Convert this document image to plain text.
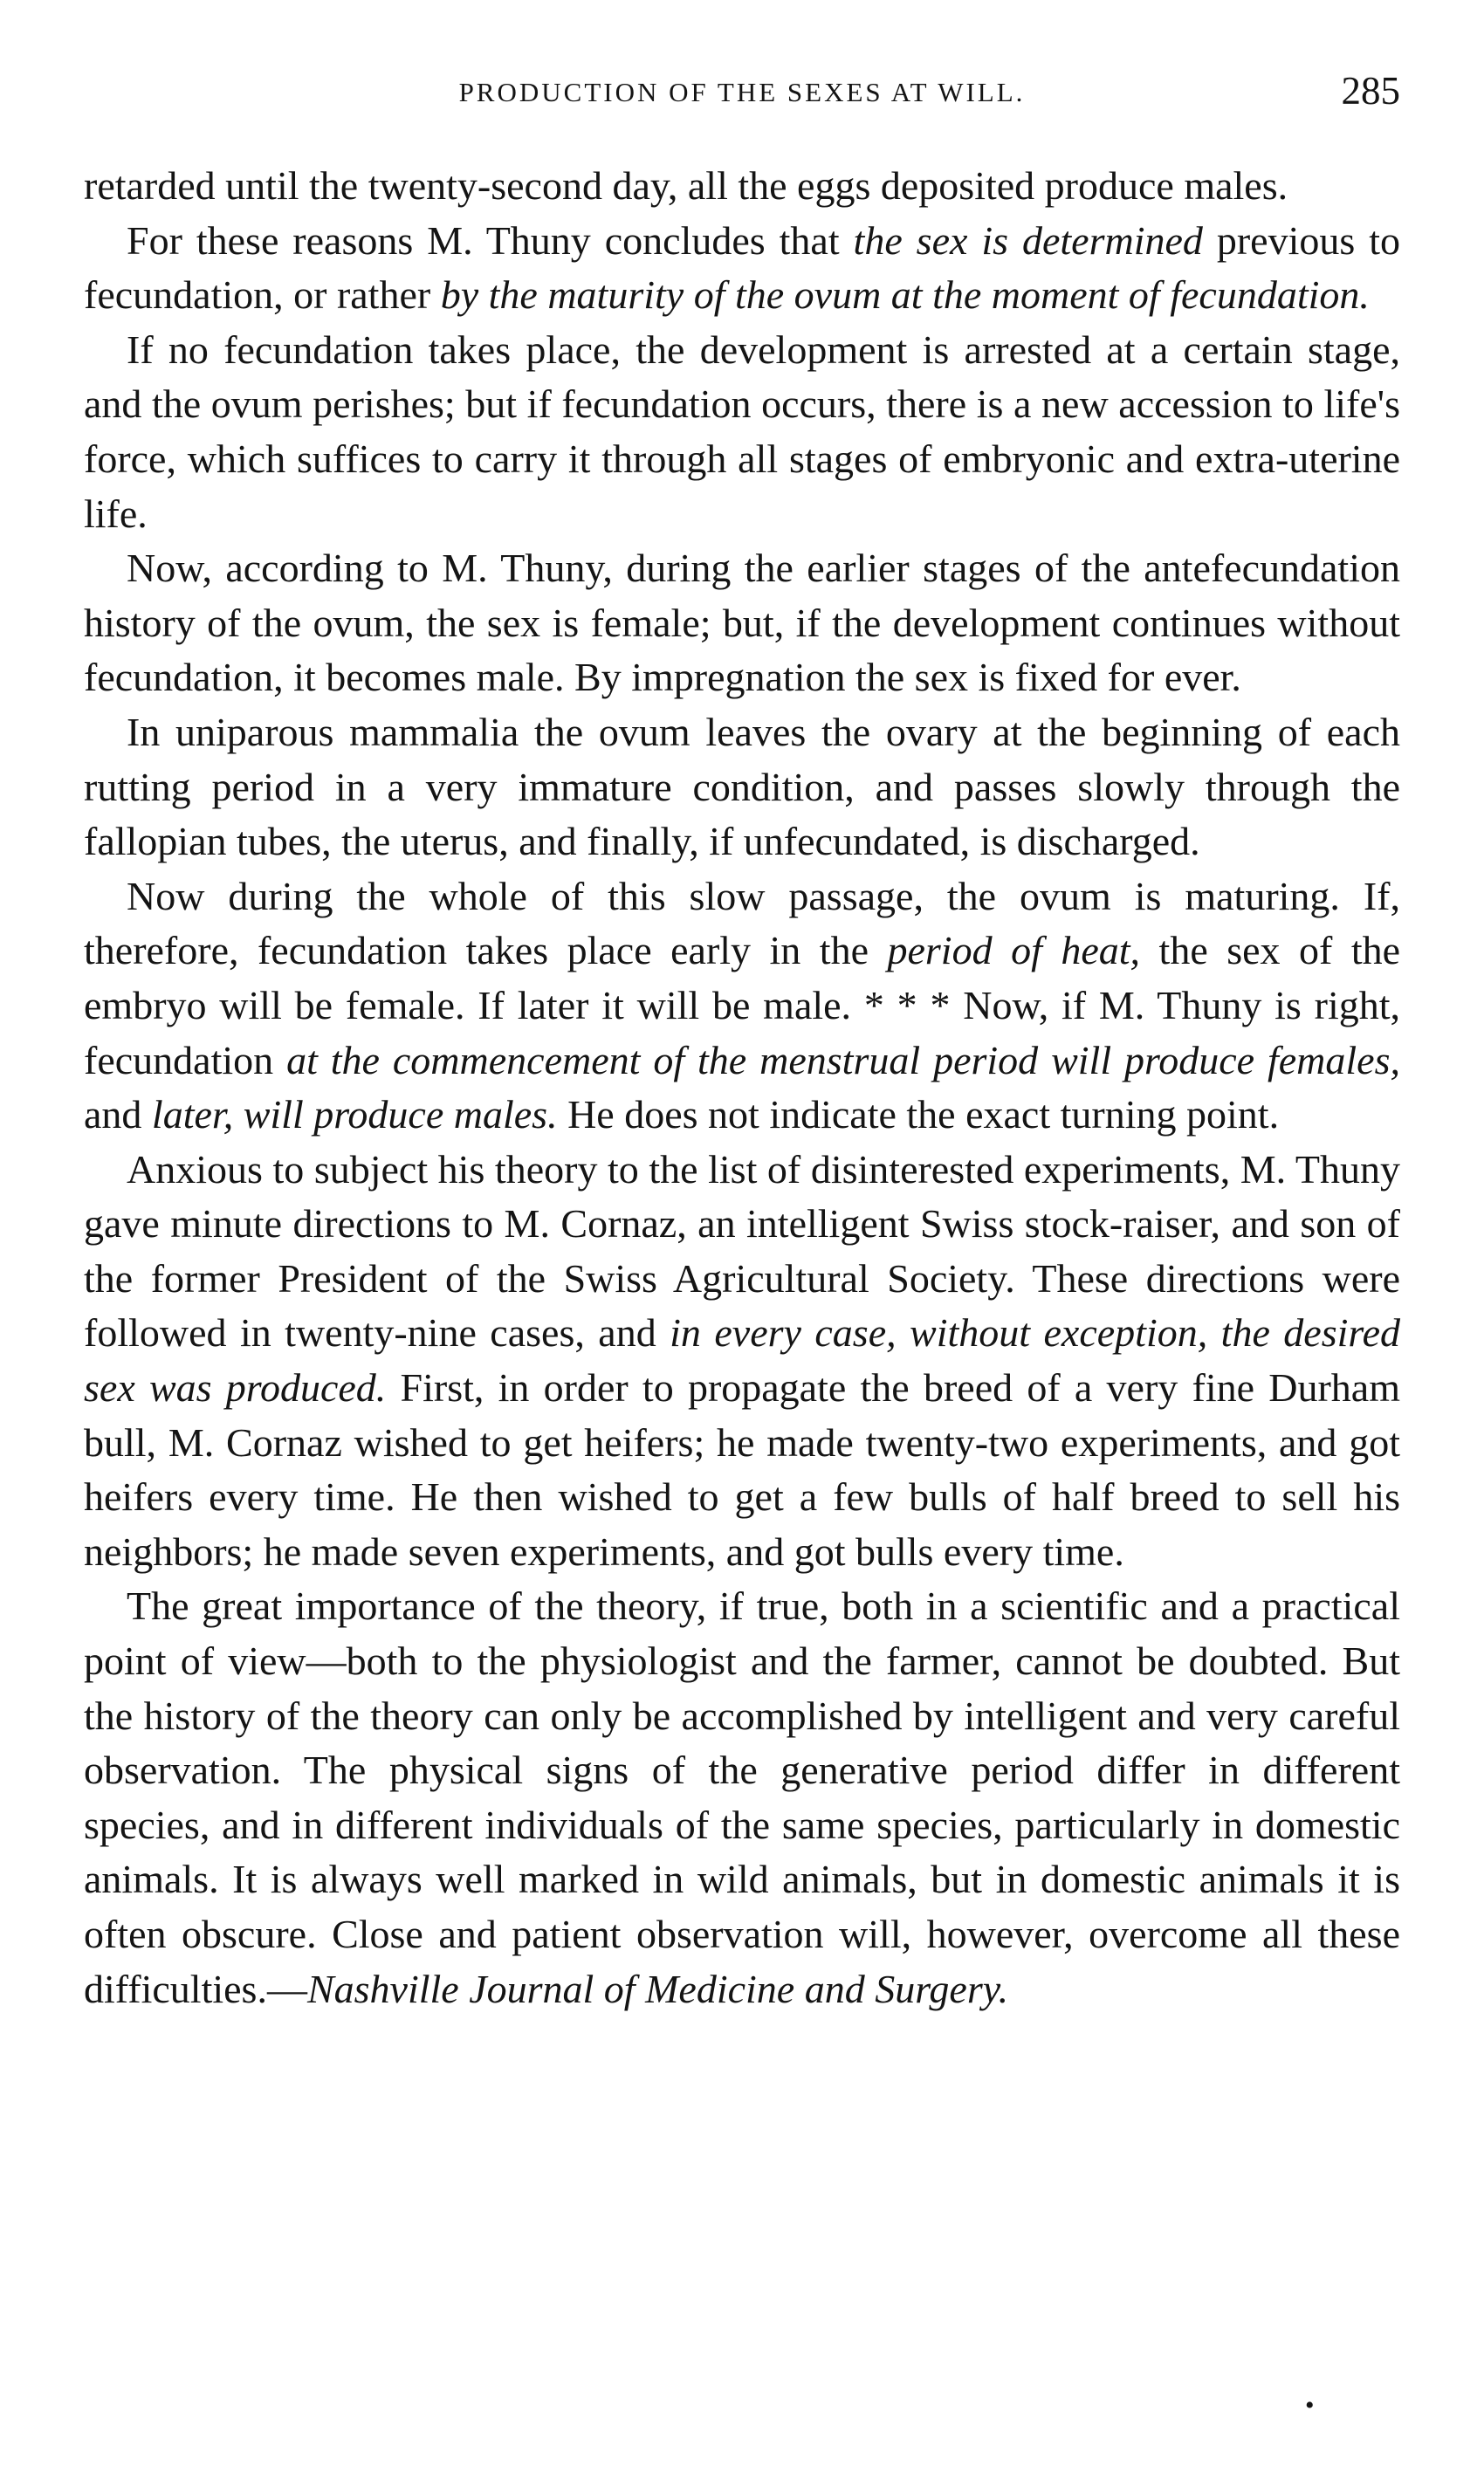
PRODUCTION OF THE SEXES AT WILL.	285

retarded until the twenty-second day, all the eggs deposited produce males.

For these reasons M. Thuny concludes that the sex is determined previous to fecundation, or rather by the maturity of the ovum at the moment of fecundation.

If no fecundation takes place, the development is arrested at a certain stage, and the ovum perishes; but if fecundation occurs, there is a new accession to life's force, which suffices to carry it through all stages of embryonic and extra-uterine life.

Now, according to M. Thuny, during the earlier stages of the antefecundation history of the ovum, the sex is female; but, if the development continues without fecundation, it becomes male. By impregnation the sex is fixed for ever.

In uniparous mammalia the ovum leaves the ovary at the beginning of each rutting period in a very immature condition, and passes slowly through the fallopian tubes, the uterus, and finally, if unfecundated, is discharged.

Now during the whole of this slow passage, the ovum is maturing. If, therefore, fecundation takes place early in the period of heat, the sex of the embryo will be female. If later it will be male. * * * Now, if M. Thuny is right, fecundation at the commencement of the menstrual period will produce females, and later, will produce males. He does not indicate the exact turning point.

Anxious to subject his theory to the list of disinterested experiments, M. Thuny gave minute directions to M. Cornaz, an intelligent Swiss stock-raiser, and son of the former President of the Swiss Agricultural Society. These directions were followed in twenty-nine cases, and in every case, without exception, the desired sex was produced. First, in order to propagate the breed of a very fine Durham bull, M. Cornaz wished to get heifers; he made twenty-two experiments, and got heifers every time. He then wished to get a few bulls of half breed to sell his neighbors; he made seven experiments, and got bulls every time.

The great importance of the theory, if true, both in a scientific and a practical point of view—both to the physiologist and the farmer, cannot be doubted. But the history of the theory can only be accomplished by intelligent and very careful observation. The physical signs of the generative period differ in different species, and in different individuals of the same species, particularly in domestic animals. It is always well marked in wild animals, but in domestic animals it is often obscure. Close and patient observation will, however, overcome all these difficulties.—Nashville Journal of Medicine and Surgery.

•
